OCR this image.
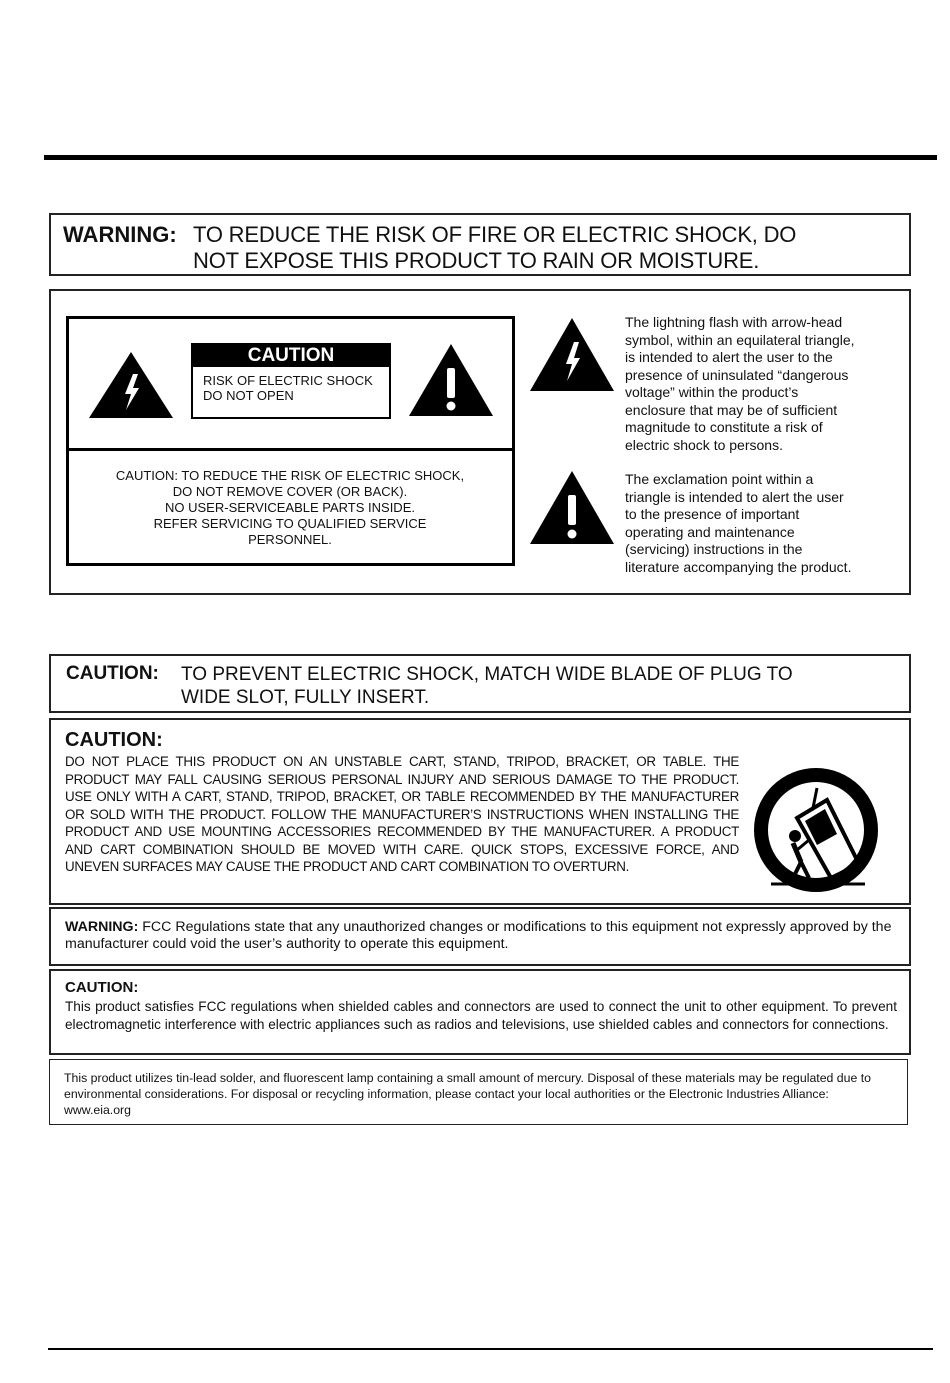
WARNING: TO REDUCE THE RISK OF FIRE OR ELECTRIC SHOCK, DO
NOT EXPOSE THIS PRODUCT TO RAIN OR MOISTURE.
CAUTION
RISK OF ELECTRIC SHOCK
DO NOT OPEN
CAUTION: TO REDUCE THE RISK OF ELECTRIC SHOCK,
DO NOT REMOVE COVER (OR BACK).
NO USER-SERVICEABLE PARTS INSIDE.
REFER SERVICING TO QUALIFIED SERVICE
PERSONNEL.
The lightning flash with arrow-head
symbol, within an equilateral triangle,
is intended to alert the user to the
presence of uninsulated “dangerous
voltage” within the product’s
enclosure that may be of sufficient
magnitude to constitute a risk of
electric shock to persons.
The exclamation point within a
triangle is intended to alert the user
to the presence of important
operating and maintenance
(servicing) instructions in the
literature accompanying the product.
CAUTION: TO PREVENT ELECTRIC SHOCK, MATCH WIDE BLADE OF PLUG TO
WIDE SLOT, FULLY INSERT.
CAUTION:
DO NOT PLACE THIS PRODUCT ON AN UNSTABLE CART, STAND, TRIPOD, BRACKET, OR TABLE. THE PRODUCT MAY FALL CAUSING SERIOUS PERSONAL INJURY AND SERIOUS DAMAGE TO THE PRODUCT. USE ONLY WITH A CART, STAND, TRIPOD, BRACKET, OR TABLE RECOMMENDED BY THE MANUFACTURER OR SOLD WITH THE PRODUCT. FOLLOW THE MANUFACTURER’S INSTRUCTIONS WHEN INSTALLING THE PRODUCT AND USE MOUNTING ACCESSORIES RECOMMENDED BY THE MANUFACTURER. A PRODUCT AND CART COMBINATION SHOULD BE MOVED WITH CARE. QUICK STOPS, EXCESSIVE FORCE, AND UNEVEN SURFACES MAY CAUSE THE PRODUCT AND CART COMBINATION TO OVERTURN.
WARNING: FCC Regulations state that any unauthorized changes or modifications to this equipment not expressly approved by the manufacturer could void the user’s authority to operate this equipment.
CAUTION:
This product satisfies FCC regulations when shielded cables and connectors are used to connect the unit to other equipment. To prevent electromagnetic interference with electric appliances such as radios and televisions, use shielded cables and connectors for connections.
This product utilizes tin-lead solder, and fluorescent lamp containing a small amount of mercury. Disposal of these materials may be regulated due to environmental considerations. For disposal or recycling information, please contact your local authorities or the Electronic Industries Alliance: www.eia.org
